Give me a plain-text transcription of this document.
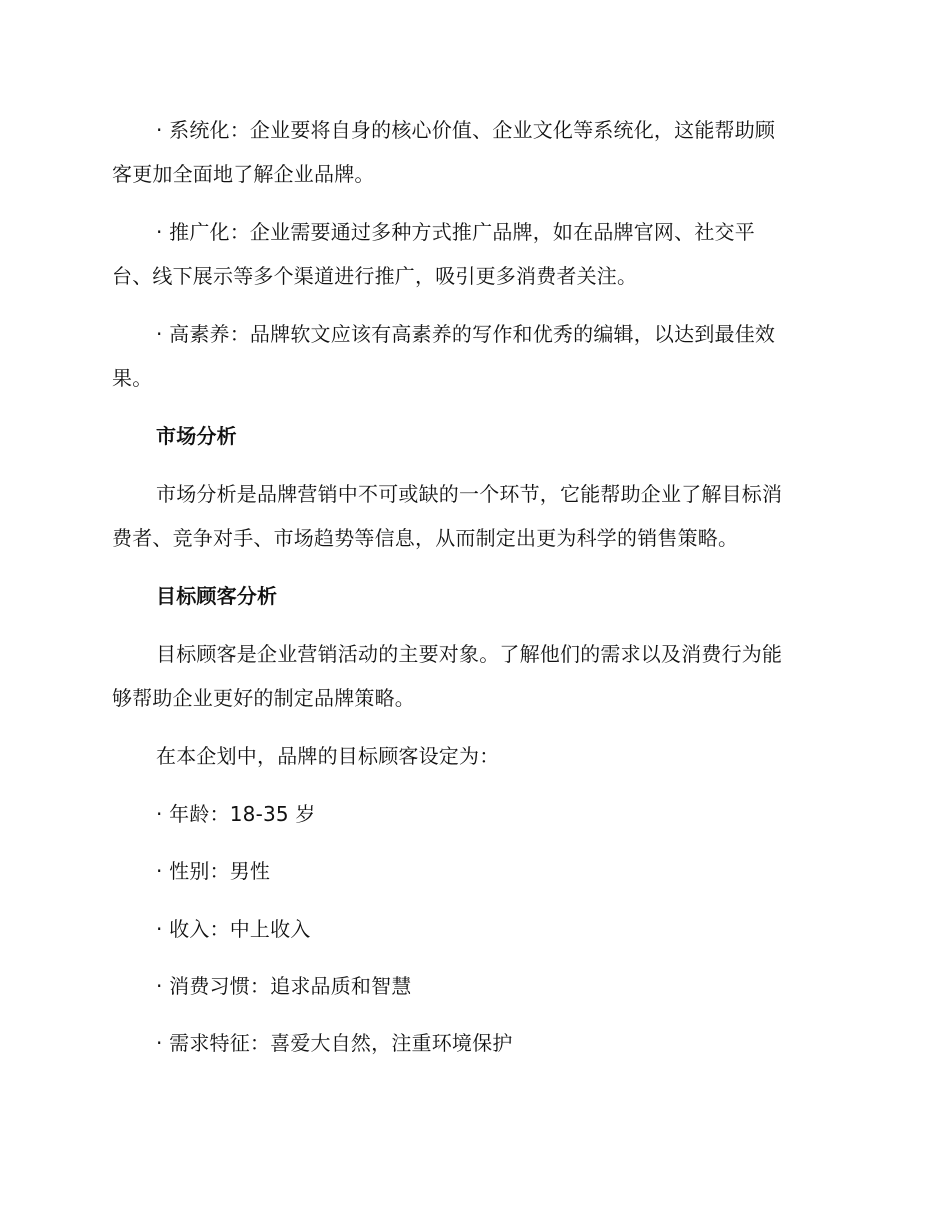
· 系统化：企业要将自身的核心价值、企业文化等系统化，这能帮助顾
客更加全面地了解企业品牌。
· 推广化：企业需要通过多种方式推广品牌，如在品牌官网、社交平
台、线下展示等多个渠道进行推广，吸引更多消费者关注。
· 高素养：品牌软文应该有高素养的写作和优秀的编辑，以达到最佳效
果。
市场分析
市场分析是品牌营销中不可或缺的一个环节，它能帮助企业了解目标消
费者、竞争对手、市场趋势等信息，从而制定出更为科学的销售策略。
目标顾客分析
目标顾客是企业营销活动的主要对象。了解他们的需求以及消费行为能
够帮助企业更好的制定品牌策略。
在本企划中，品牌的目标顾客设定为：
· 年龄：18-35 岁
· 性别：男性
· 收入：中上收入
· 消费习惯：追求品质和智慧
· 需求特征：喜爱大自然，注重环境保护
